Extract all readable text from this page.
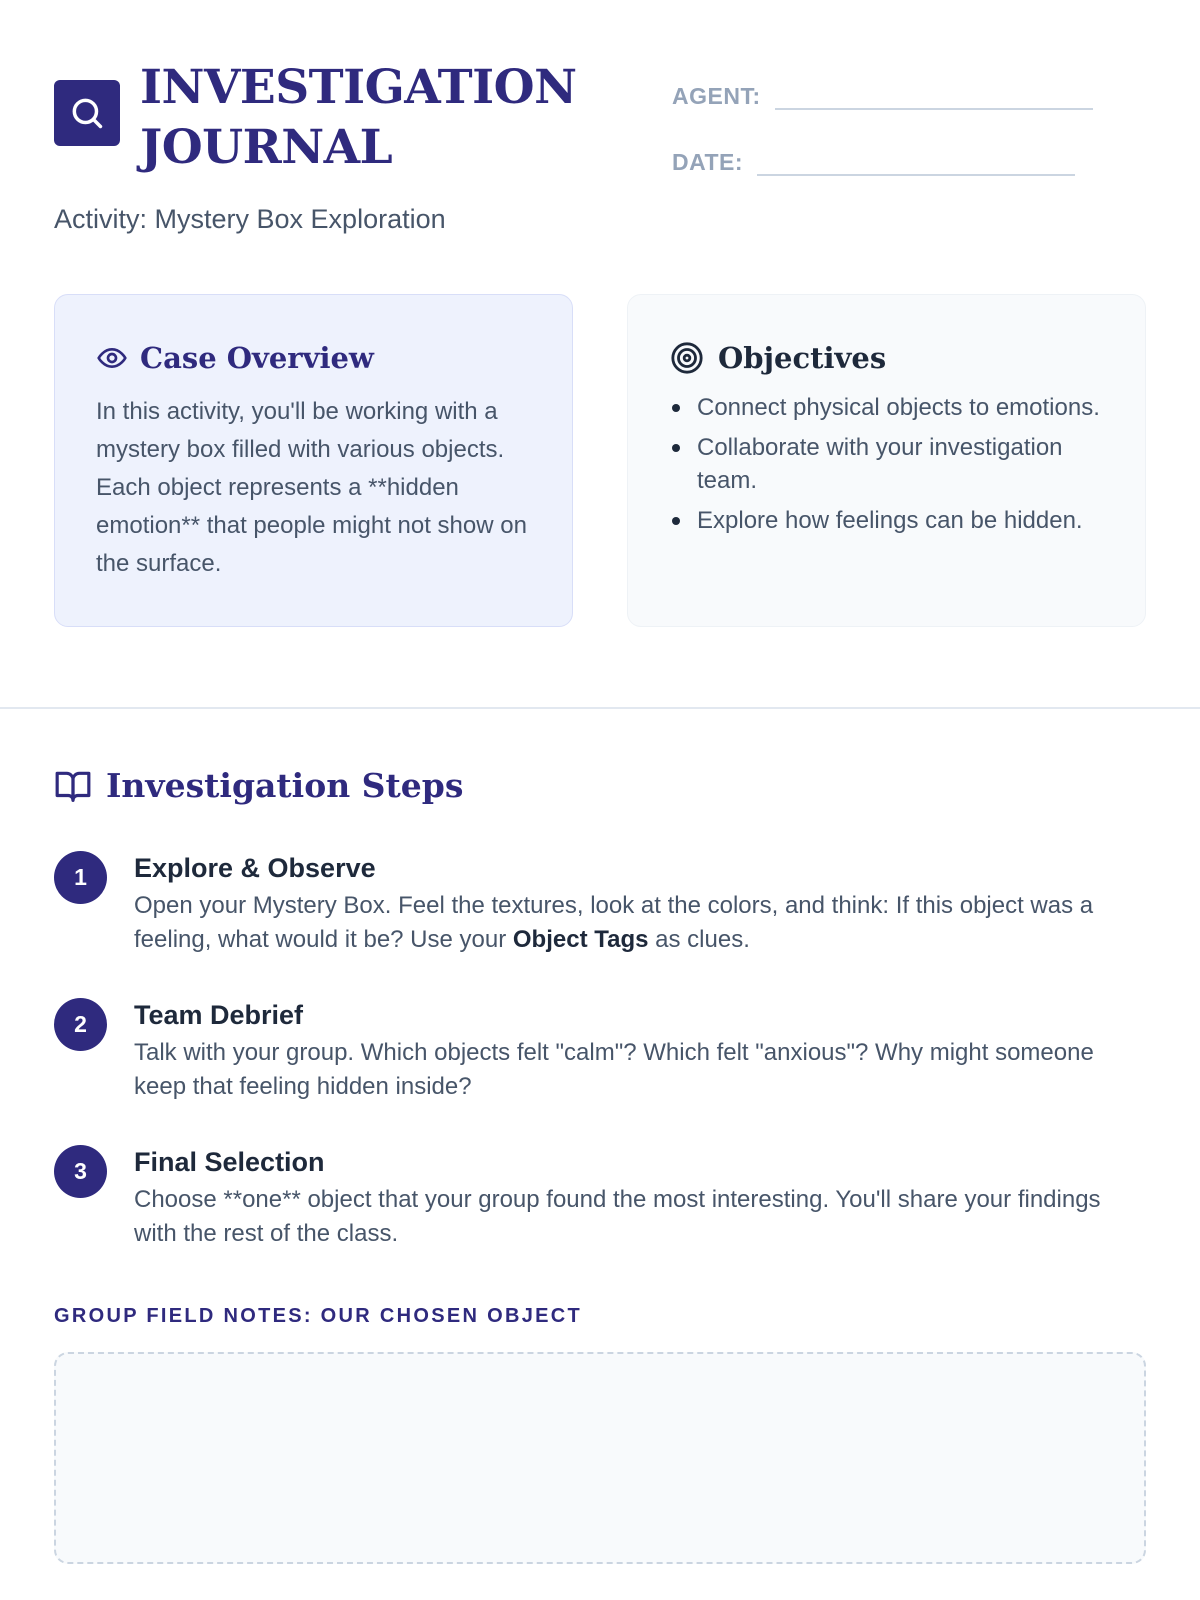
INVESTIGATION JOURNAL
Activity: Mystery Box Exploration
AGENT:
DATE:
Case Overview

In this activity, you'll be working with a mystery box filled with various objects. Each object represents a **hidden emotion** that people might not show on the surface.

Objectives
Connect physical objects to emotions.
Collaborate with your investigation team.
Explore how feelings can be hidden.
Investigation Steps
1	Explore & Observe

Open your Mystery Box. Feel the textures, look at the colors, and think: If this object was a feeling, what would it be? Use your Object Tags as clues.

2	Team Debrief

Talk with your group. Which objects felt "calm"? Which felt "anxious"? Why might someone keep that feeling hidden inside?

3	Final Selection

Choose **one** object that your group found the most interesting. You'll share your findings with the rest of the class.

GROUP FIELD NOTES: OUR CHOSEN OBJECT
